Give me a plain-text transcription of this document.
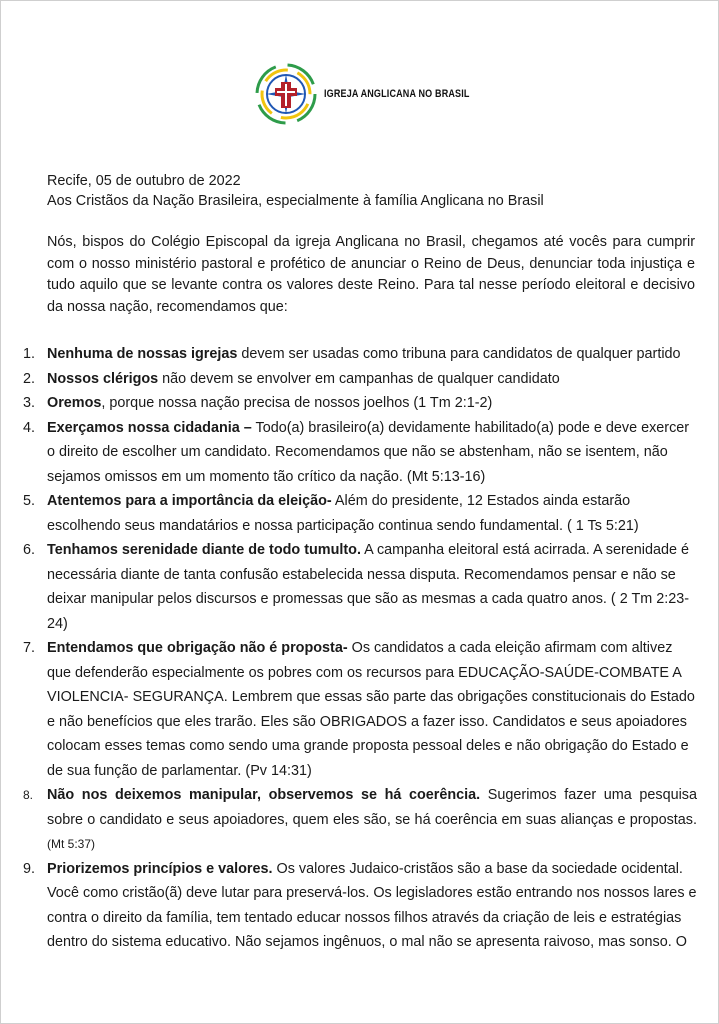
IGREJA ANGLICANA NO BRASIL
Recife, 05 de outubro de 2022
Aos Cristãos da Nação Brasileira, especialmente à família Anglicana no Brasil
Nós, bispos do Colégio Episcopal da igreja Anglicana no Brasil, chegamos até vocês para cumprir com o nosso ministério pastoral e profético de anunciar o Reino de Deus, denunciar toda injustiça e tudo aquilo que se levante contra os valores deste Reino. Para tal nesse período eleitoral e decisivo da nossa nação, recomendamos que:
1. Nenhuma de nossas igrejas devem ser usadas como tribuna para candidatos de qualquer partido
2. Nossos clérigos não devem se envolver em campanhas de qualquer candidato
3. Oremos, porque nossa nação precisa de nossos joelhos (1 Tm 2:1-2)
4. Exerçamos nossa cidadania – Todo(a) brasileiro(a) devidamente habilitado(a) pode e deve exercer o direito de escolher um candidato. Recomendamos que não se abstenham, não se isentem, não sejamos omissos em um momento tão crítico da nação. (Mt 5:13-16)
5. Atentemos para a importância da eleição- Além do presidente, 12 Estados ainda estarão escolhendo seus mandatários e nossa participação continua sendo fundamental. ( 1 Ts 5:21)
6. Tenhamos serenidade diante de todo tumulto. A campanha eleitoral está acirrada. A serenidade é necessária diante de tanta confusão estabelecida nessa disputa. Recomendamos pensar e não se deixar manipular pelos discursos e promessas que são as mesmas a cada quatro anos. ( 2 Tm 2:23-24)
7. Entendamos que obrigação não é proposta- Os candidatos a cada eleição afirmam com altivez que defenderão especialmente os pobres com os recursos para EDUCAÇÃO-SAÚDE-COMBATE A VIOLENCIA- SEGURANÇA. Lembrem que essas são parte das obrigações constitucionais do Estado e não benefícios que eles trarão. Eles são OBRIGADOS a fazer isso. Candidatos e seus apoiadores colocam esses temas como sendo uma grande proposta pessoal deles e não obrigação do Estado e de sua função de parlamentar. (Pv 14:31)
8. Não nos deixemos manipular, observemos se há coerência. Sugerimos fazer uma pesquisa sobre o candidato e seus apoiadores, quem eles são, se há coerência em suas alianças e propostas. (Mt 5:37)
9. Priorizemos princípios e valores. Os valores Judaico-cristãos são a base da sociedade ocidental. Você como cristão(ã) deve lutar para preservá-los. Os legisladores estão entrando nos nossos lares e contra o direito da família, tem tentado educar nossos filhos através da criação de leis e estratégias dentro do sistema educativo. Não sejamos ingênuos, o mal não se apresenta raivoso, mas sonso. O
